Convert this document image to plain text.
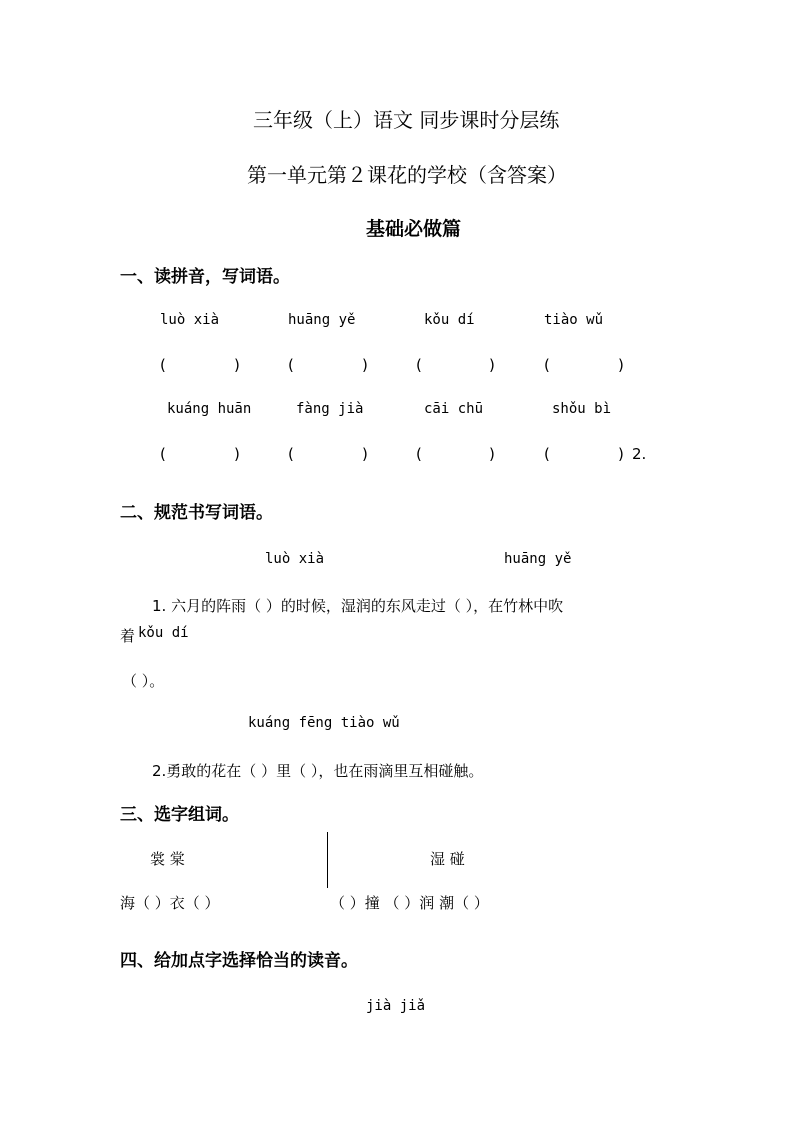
三年级（上）语文 同步课时分层练
第一单元第２课花的学校（含答案）
基础必做篇
一、读拼音，写词语。
luò xià	huāng yě	kǒu dí	tiào wǔ
(	)	(	)	(	)	(	)
kuáng huān	fàng jià	cāi chū	shǒu bì
(	)	(	)	(	)	(	) 2.
二、规范书写词语。
luò xià	huāng yě
1. 六月的阵雨（ ）的时候，湿润的东风走过（ ），在竹林中吹
着 kǒu dí
（ ）。
kuáng fēng tiào wǔ
2.勇敢的花在（ ）里（ ），也在雨滴里互相碰触。
三、选字组词。
裳 棠	湿 碰
海（ ）衣（ ）	（ ）撞 （ ）润 潮（ ）
四、给加点字选择恰当的读音。
jià jiǎ
